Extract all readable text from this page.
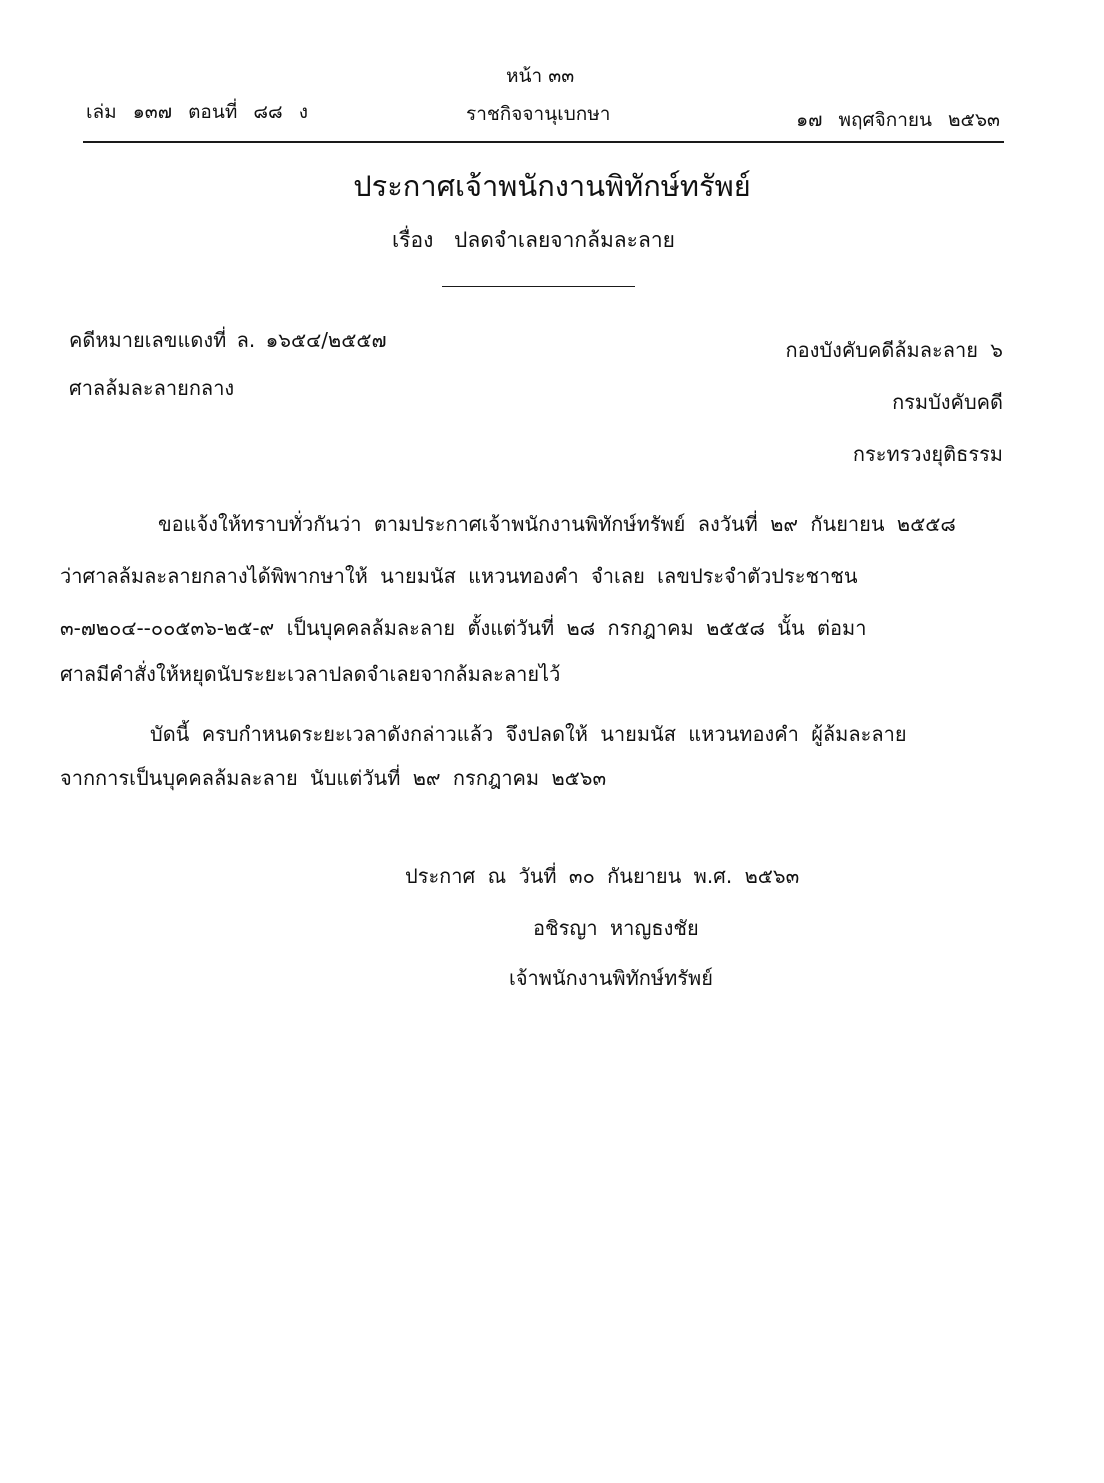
หน้า ๓๓
เล่ม ๑๓๗ ตอนที่ ๘๘ ง	ราชกิจจานุเบกษา	๑๗ พฤศจิกายน ๒๕๖๓
ประกาศเจ้าพนักงานพิทักษ์ทรัพย์
เรื่อง ปลดจำเลยจากล้มละลาย
คดีหมายเลขแดงที่ ล. ๑๖๕๔/๒๕๕๗
ศาลล้มละลายกลาง
กองบังคับคดีล้มละลาย ๖
กรมบังคับคดี
กระทรวงยุติธรรม
ขอแจ้งให้ทราบทั่วกันว่า ตามประกาศเจ้าพนักงานพิทักษ์ทรัพย์ ลงวันที่ ๒๙ กันยายน ๒๕๕๘
ว่าศาลล้มละลายกลางได้พิพากษาให้ นายมนัส แหวนทองคำ จำเลย เลขประจำตัวประชาชน
๓-๗๒๐๔--๐๐๕๓๖-๒๕-๙ เป็นบุคคลล้มละลาย ตั้งแต่วันที่ ๒๘ กรกฎาคม ๒๕๕๘ นั้น ต่อมา
ศาลมีคำสั่งให้หยุดนับระยะเวลาปลดจำเลยจากล้มละลายไว้
บัดนี้ ครบกำหนดระยะเวลาดังกล่าวแล้ว จึงปลดให้ นายมนัส แหวนทองคำ ผู้ล้มละลาย
จากการเป็นบุคคลล้มละลาย นับแต่วันที่ ๒๙ กรกฎาคม ๒๕๖๓
ประกาศ ณ วันที่ ๓๐ กันยายน พ.ศ. ๒๕๖๓
อชิรญา หาญธงชัย
เจ้าพนักงานพิทักษ์ทรัพย์
